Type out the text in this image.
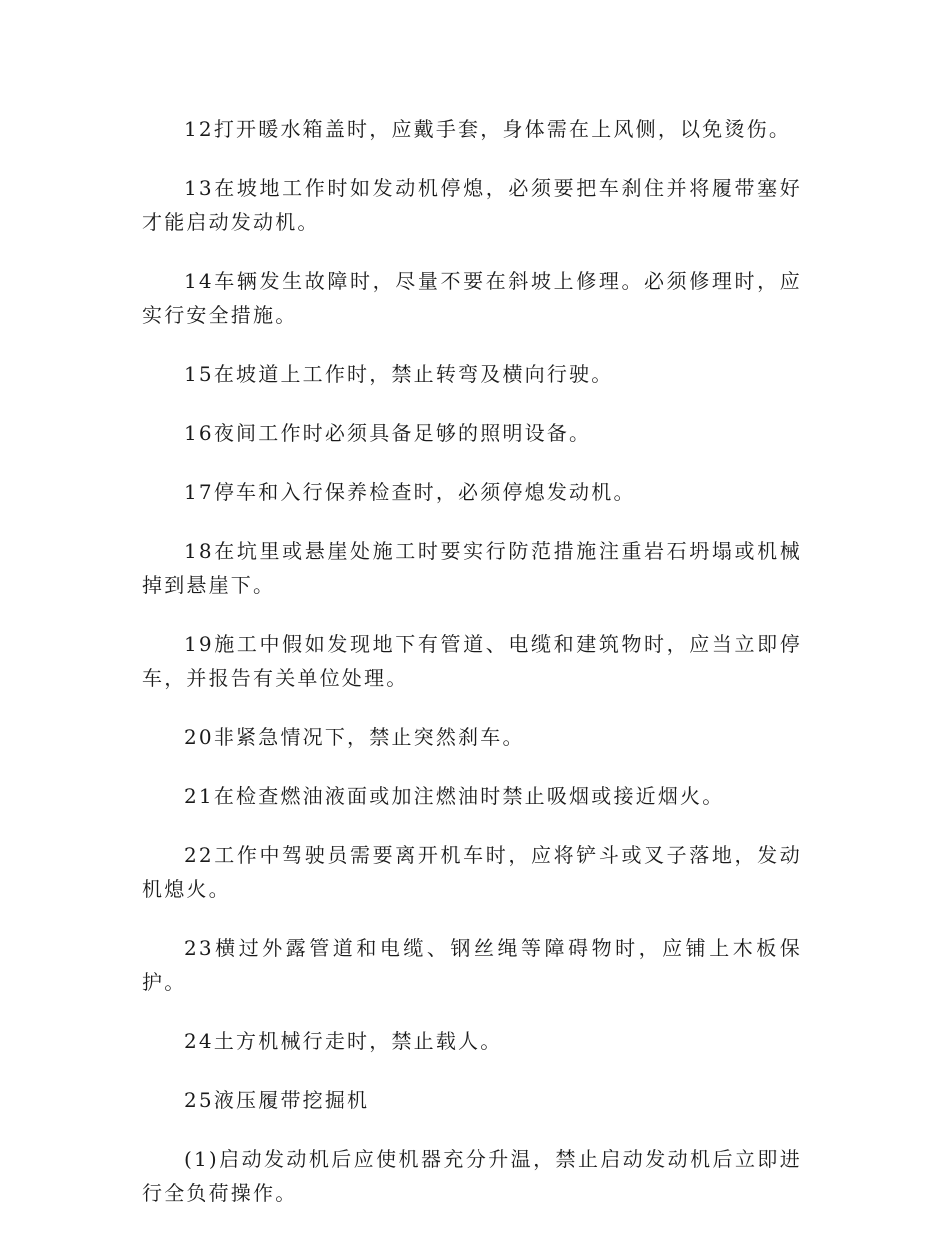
12打开暖水箱盖时，应戴手套，身体需在上风侧，以免烫伤。

13在坡地工作时如发动机停熄，必须要把车刹住并将履带塞好才能启动发动机。

14车辆发生故障时，尽量不要在斜坡上修理。必须修理时，应实行安全措施。

15在坡道上工作时，禁止转弯及横向行驶。

16夜间工作时必须具备足够的照明设备。

17停车和入行保养检查时，必须停熄发动机。

18在坑里或悬崖处施工时要实行防范措施注重岩石坍塌或机械掉到悬崖下。

19施工中假如发现地下有管道、电缆和建筑物时，应当立即停车，并报告有关单位处理。

20非紧急情况下，禁止突然刹车。

21在检查燃油液面或加注燃油时禁止吸烟或接近烟火。

22工作中驾驶员需要离开机车时，应将铲斗或叉子落地，发动机熄火。

23横过外露管道和电缆、钢丝绳等障碍物时，应铺上木板保护。

24土方机械行走时，禁止载人。

25液压履带挖掘机

(1)启动发动机后应使机器充分升温，禁止启动发动机后立即进行全负荷操作。
